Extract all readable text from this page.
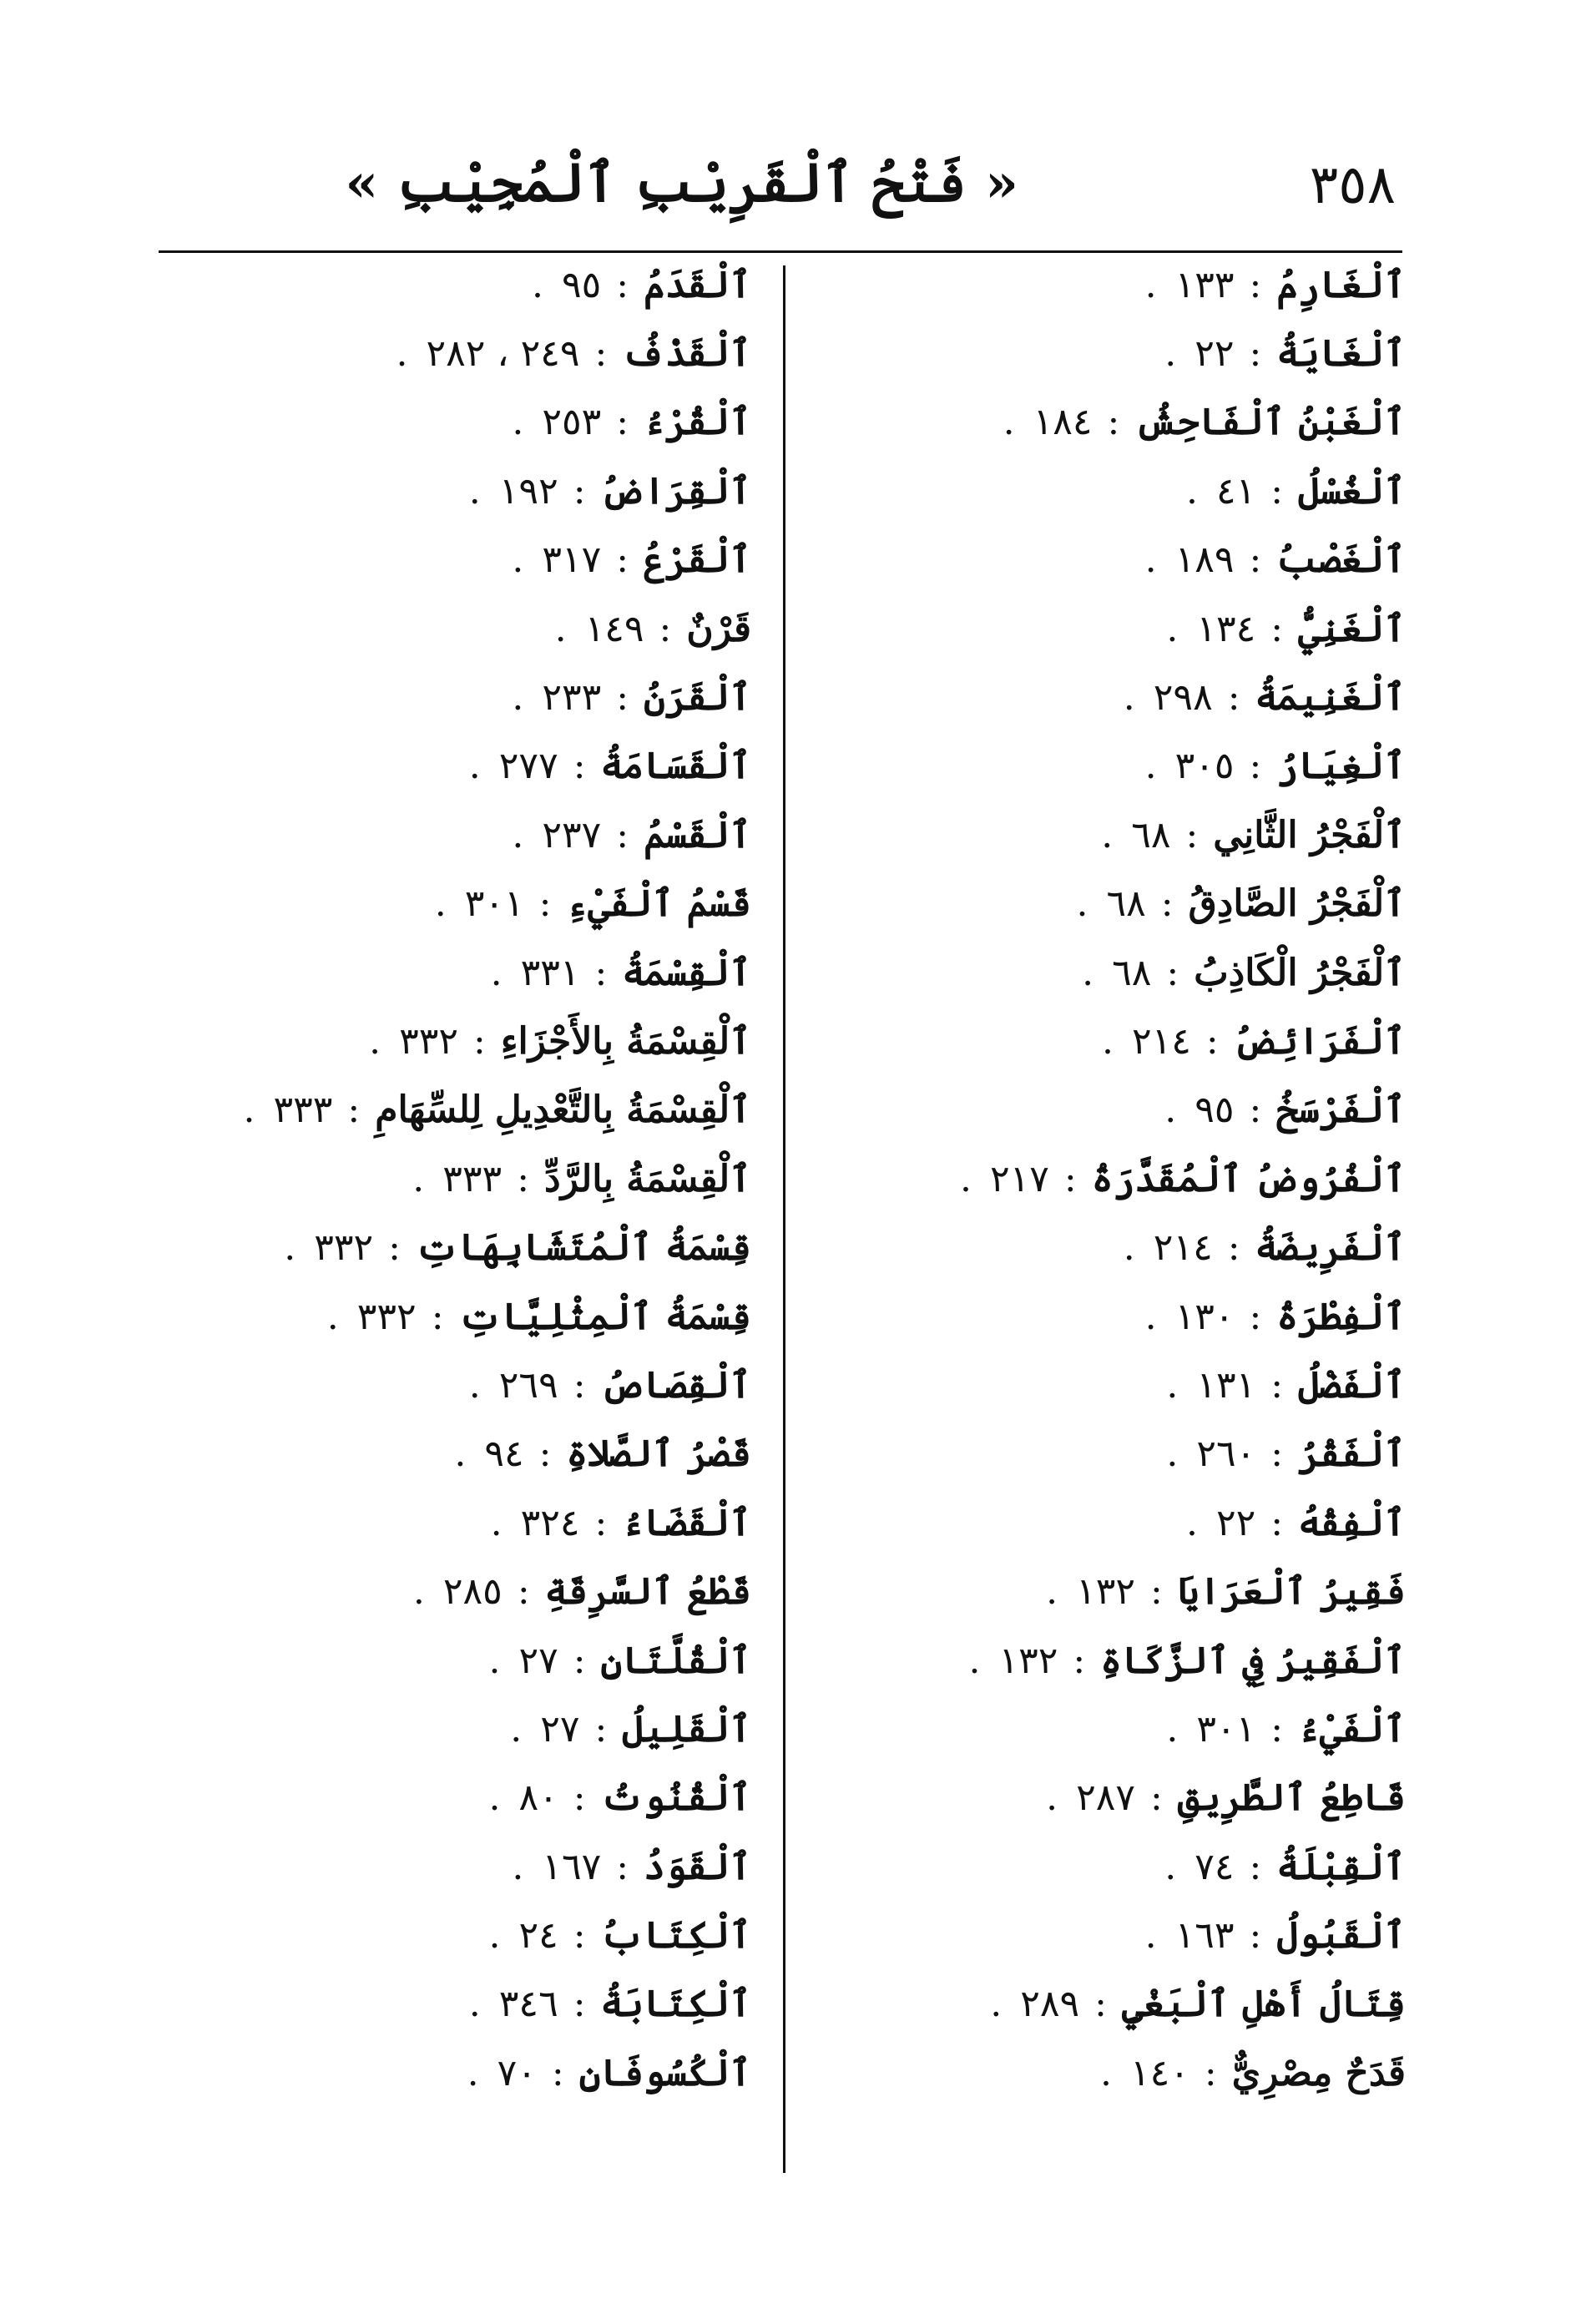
٣٥٨
« فَتْحُ ٱلْقَرِيْبِ ٱلْمُجِيْبِ »
ٱلْغَارِمُ
:
١٣٣
.
ٱلْغَايَةُ
:
٢٢
.
ٱلْغَبْنُ ٱلْفَاحِشُ
:
١٨٤
.
ٱلْغُسْلُ
:
٤١
.
ٱلْغَصْبُ
:
١٨٩
.
ٱلْغَنِيُّ
:
١٣٤
.
ٱلْغَنِيمَةُ
:
٢٩٨
.
ٱلْغِيَارُ
:
٣٠٥
.
ٱلْفَجْرُ الثَّانِي
:
٦٨
.
ٱلْفَجْرُ الصَّادِقُ
:
٦٨
.
ٱلْفَجْرُ الْكَاذِبُ
:
٦٨
.
ٱلْفَرَائِضُ
:
٢١٤
.
ٱلْفَرْسَخُ
:
٩٥
.
ٱلْفُرُوضُ ٱلْمُقَدَّرَةُ
:
٢١٧
.
ٱلْفَرِيضَةُ
:
٢١٤
.
ٱلْفِطْرَةُ
:
١٣٠
.
ٱلْفَضْلُ
:
١٣١
.
ٱلْفَقْرُ
:
٢٦٠
.
ٱلْفِقْهُ
:
٢٢
.
فَقِيرُ ٱلْعَرَايَا
:
١٣٢
.
ٱلْفَقِيرُ فِي ٱلزَّكَاةِ
:
١٣٢
.
ٱلْفَيْءُ
:
٣٠١
.
قَاطِعُ ٱلطَّرِيقِ
:
٢٨٧
.
ٱلْقِبْلَةُ
:
٧٤
.
ٱلْقَبُولُ
:
١٦٣
.
قِتَالُ أَهْلِ ٱلْبَغْيِ
:
٢٨٩
.
قَدَحٌ مِصْرِيٌّ
:
١٤٠
.
ٱلْقَدَمُ
:
٩٥
.
ٱلْقَذْفُ
:
٢٤٩ ، ٢٨٢
.
ٱلْقُرْءُ
:
٢٥٣
.
ٱلْقِرَاضُ
:
١٩٢
.
ٱلْقَرْعُ
:
٣١٧
.
قَرْنٌ
:
١٤٩
.
ٱلْقَرَنُ
:
٢٣٣
.
ٱلْقَسَامَةُ
:
٢٧٧
.
ٱلْقَسْمُ
:
٢٣٧
.
قَسْمُ ٱلْفَيْءِ
:
٣٠١
.
ٱلْقِسْمَةُ
:
٣٣١
.
ٱلْقِسْمَةُ بِالأَجْزَاءِ
:
٣٣٢
.
ٱلْقِسْمَةُ بِالتَّعْدِيلِ لِلسِّهَامِ
:
٣٣٣
.
ٱلْقِسْمَةُ بِالرَّدِّ
:
٣٣٣
.
قِسْمَةُ ٱلْمُتَشَابِهَاتِ
:
٣٣٢
.
قِسْمَةُ ٱلْمِثْلِيَّاتِ
:
٣٣٢
.
ٱلْقِصَاصُ
:
٢٦٩
.
قَصْرُ ٱلصَّلاةِ
:
٩٤
.
ٱلْقَضَاءُ
:
٣٢٤
.
قَطْعُ ٱلسَّرِقَةِ
:
٢٨٥
.
ٱلْقُلَّتَانِ
:
٢٧
.
ٱلْقَلِيلُ
:
٢٧
.
ٱلْقُنُوتُ
:
٨٠
.
ٱلْقَوَدُ
:
١٦٧
.
ٱلْكِتَابُ
:
٢٤
.
ٱلْكِتَابَةُ
:
٣٤٦
.
ٱلْكُسُوفَانِ
:
٧٠
.
